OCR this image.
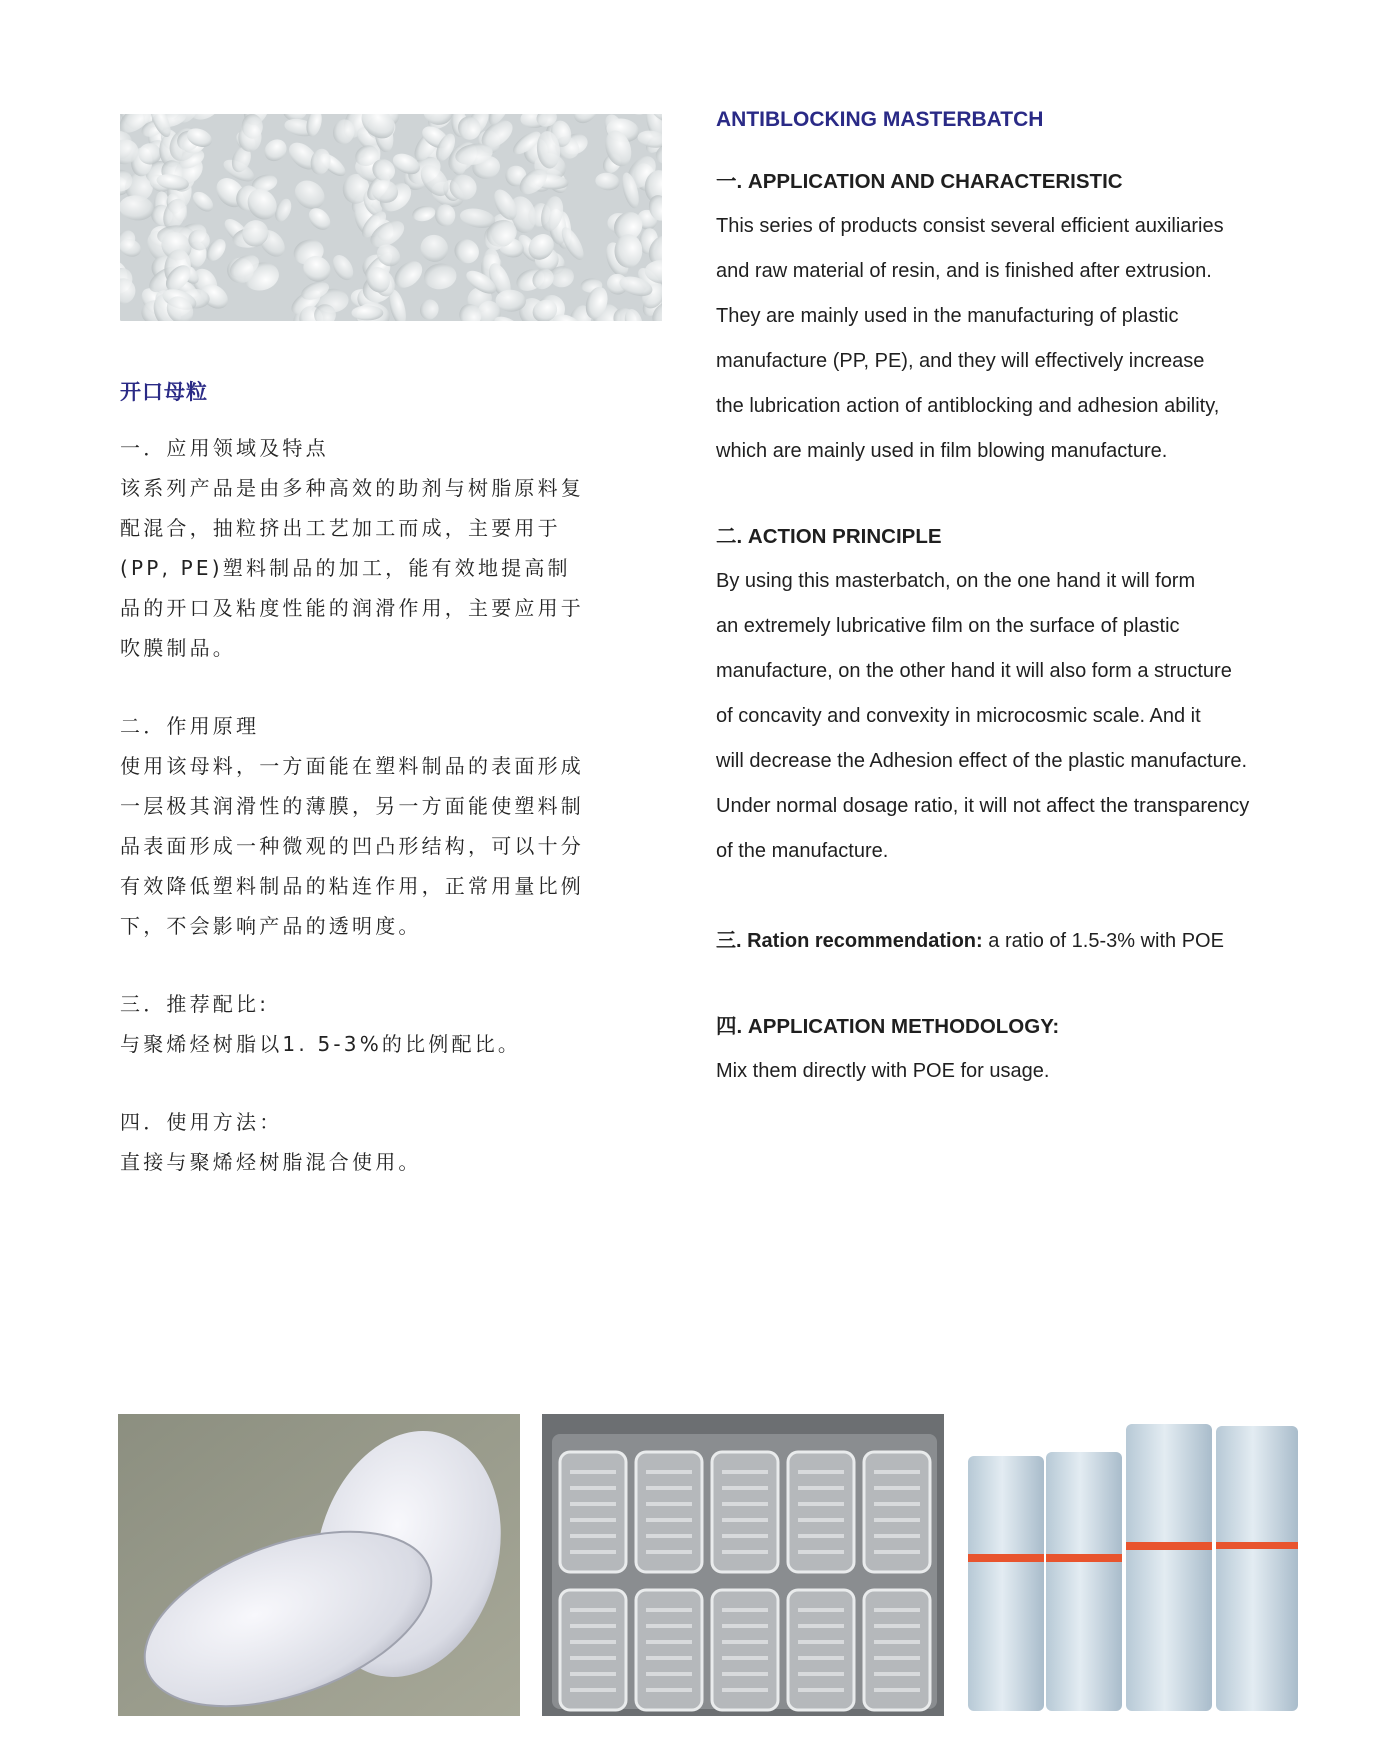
开口母粒

一．应用领域及特点

该系列产品是由多种高效的助剂与树脂原料复

配混合，抽粒挤出工艺加工而成，主要用于

(PP, PE)塑料制品的加工，能有效地提高制

品的开口及粘度性能的润滑作用，主要应用于

吹膜制品。

二．作用原理

使用该母料，一方面能在塑料制品的表面形成

一层极其润滑性的薄膜，另一方面能使塑料制

品表面形成一种微观的凹凸形结构，可以十分

有效降低塑料制品的粘连作用，正常用量比例

下，不会影响产品的透明度。

三．推荐配比:

与聚烯烃树脂以1. 5-3%的比例配比。

四．使用方法：

直接与聚烯烃树脂混合使用。

ANTIBLOCKING MASTERBATCH
一. APPLICATION AND CHARACTERISTIC

This series of products consist several efficient auxiliaries

and raw material of resin, and is finished after extrusion.

They are mainly used in the manufacturing of plastic

manufacture (PP, PE), and they will effectively increase

the lubrication action of antiblocking and adhesion ability,

which are mainly used in film blowing manufacture.

二. ACTION PRINCIPLE

By using this masterbatch, on the one hand it will form

an extremely lubricative film on the surface of plastic

manufacture, on the other hand it will also form a structure

of concavity and convexity in microcosmic scale. And it

will decrease the Adhesion effect of the plastic manufacture.

Under normal dosage ratio, it will not affect the transparency

of the manufacture.

三. Ration recommendation: a ratio of 1.5-3% with POE

四. APPLICATION METHODOLOGY:

Mix them directly with POE for usage.
